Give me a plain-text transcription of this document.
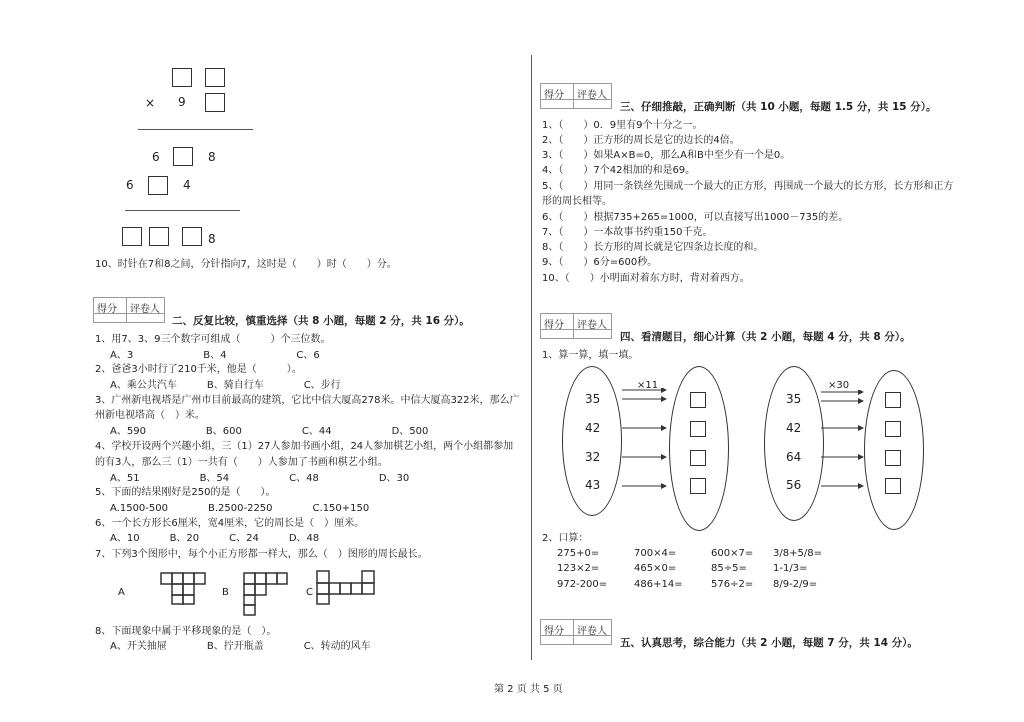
× 9
6	8
6	4
8
10、时针在7和8之间，分针指向7，这时是（　　）时（　　）分。
得分 评卷人
二、反复比较，慎重选择（共 8 小题，每题 2 分，共 16 分）。
1、用7、3、9三个数字可组成（　　　）个三位数。
A、3　　　　　　　B、4　　　　　　　C、6
2、爸爸3小时行了210千米，他是（　　　）。
A、乘公共汽车　　　B、骑自行车　　　　C、步行
3、广州新电视塔是广州市目前最高的建筑，它比中信大厦高278米。中信大厦高322米，那么广
州新电视塔高（　）米。
A、590　　　　　　B、600　　　　　　C、44　　　　　　D、500
4、学校开设两个兴趣小组，三（1）27人参加书画小组，24人参加棋艺小组，两个小组都参加
的有3人，那么三（1）一共有（　　）人参加了书画和棋艺小组。
A、51　　　　　　B、54　　　　　　C、48　　　　　　D、30
5、下面的结果刚好是250的是（　　）。
A.1500-500　　　　B.2500-2250　　　　C.150+150
6、一个长方形长6厘米，宽4厘米，它的周长是（　）厘米。
A、10　　　B、20　　　C、24　　　D、48
7、下列3个图形中，每个小正方形都一样大，那么（　）图形的周长最长。
A	B	C
8、下面现象中属于平移现象的是（　）。
A、开关抽屉　　　　B、拧开瓶盖　　　　C、转动的风车
得分 评卷人
三、仔细推敲，正确判断（共 10 小题，每题 1.5 分，共 15 分）。
1、（　　）0．9里有9个十分之一。
2、（　　）正方形的周长是它的边长的4倍。
3、（　　）如果A×B=0，那么A和B中至少有一个是0。
4、（　　）7个42相加的和是69。
5、（　　）用同一条铁丝先围成一个最大的正方形，再围成一个最大的长方形，长方形和正方
形的周长相等。
6、（　　）根据735+265=1000，可以直接写出1000－735的差。
7、（　　）一本故事书约重150千克。
8、（　　）长方形的周长就是它四条边长度的和。
9、（　　）6分=600秒。
10、（　　）小明面对着东方时，背对着西方。
得分 评卷人
四、看清题目，细心计算（共 2 小题，每题 4 分，共 8 分）。
1、算一算，填一填。
35
42
32
43
×11
35
42
64
56
×30
2、口算：
275+0=	700×4=	600×7= 3/8+5/8=
123×2=	465×0=	85÷5=	1-1/3=
972-200=	486+14=	576÷2= 8/9-2/9=
得分 评卷人
五、认真思考，综合能力（共 2 小题，每题 7 分，共 14 分）。
第 2 页 共 5 页
